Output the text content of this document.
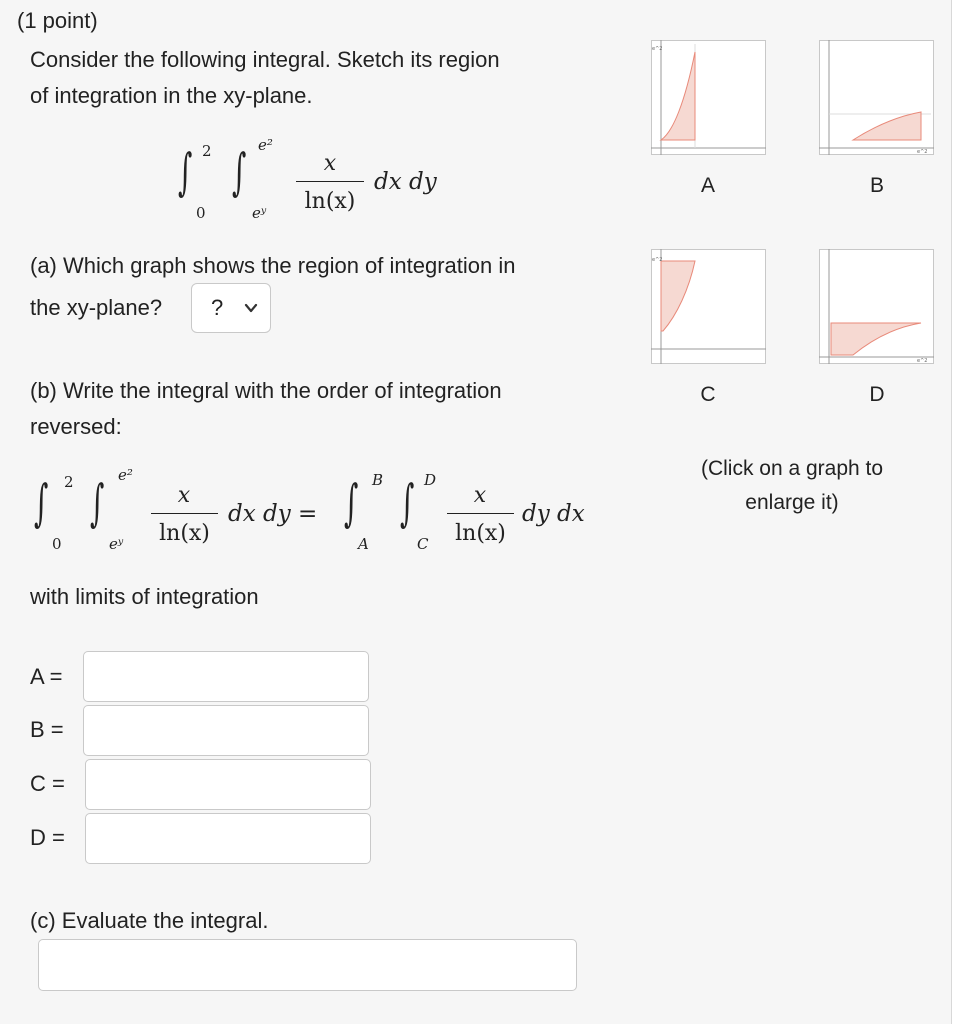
(1 point)
Consider the following integral. Sketch its region
of integration in the xy-plane.
∫ 2
0
∫ e²
eʸ
x
ln(x)
dx dy
(a) Which graph shows the region of integration in
the xy-plane? ?
(b) Write the integral with the order of integration
reversed:
∫ 2
0
∫ e²
eʸ
x
ln(x)
dx dy = ∫ B
A
∫ D
C
x
ln(x)
dy dx
with limits of integration
A =
B =
C =
D =
(c) Evaluate the integral.
e^2
A
e^2
B
e^2
C
e^2
D
(Click on a graph to
enlarge it)
